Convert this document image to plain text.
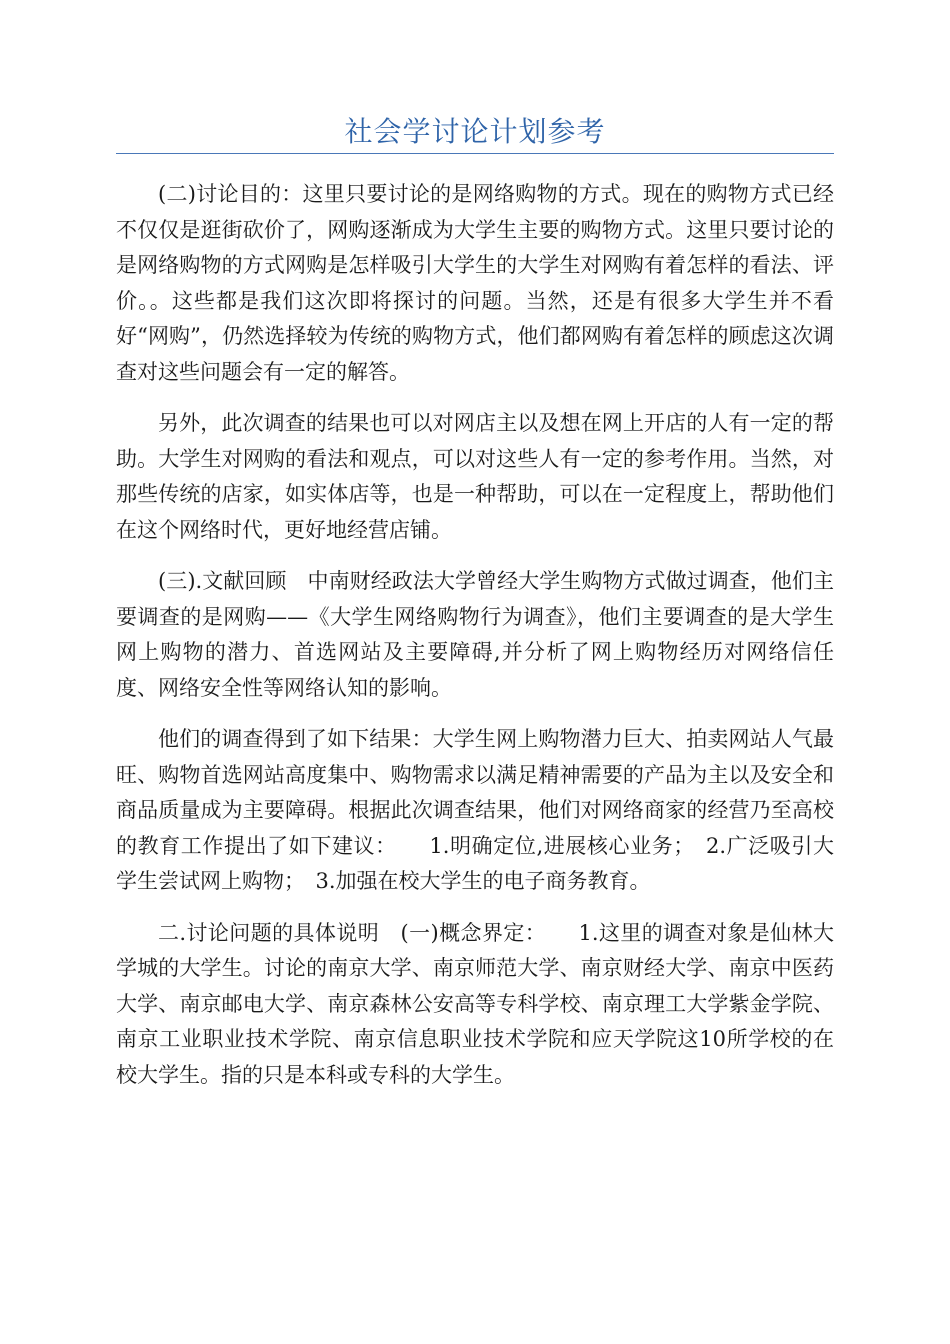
社会学讨论计划参考

(二)讨论目的：这里只要讨论的是网络购物的方式。现在的购物方式已经不仅仅是逛街砍价了，网购逐渐成为大学生主要的购物方式。这里只要讨论的是网络购物的方式网购是怎样吸引大学生的大学生对网购有着怎样的看法、评价。。这些都是我们这次即将探讨的问题。当然，还是有很多大学生并不看好“网购”，仍然选择较为传统的购物方式，他们都网购有着怎样的顾虑这次调查对这些问题会有一定的解答。

另外，此次调查的结果也可以对网店主以及想在网上开店的人有一定的帮助。大学生对网购的看法和观点，可以对这些人有一定的参考作用。当然，对那些传统的店家，如实体店等，也是一种帮助，可以在一定程度上，帮助他们在这个网络时代，更好地经营店铺。

(三).文献回顾　中南财经政法大学曾经大学生购物方式做过调查，他们主要调查的是网购——《大学生网络购物行为调查》，他们主要调查的是大学生网上购物的潜力、首选网站及主要障碍,并分析了网上购物经历对网络信任度、网络安全性等网络认知的影响。

他们的调查得到了如下结果：大学生网上购物潜力巨大、拍卖网站人气最旺、购物首选网站高度集中、购物需求以满足精神需要的产品为主以及安全和商品质量成为主要障碍。根据此次调查结果，他们对网络商家的经营乃至高校的教育工作提出了如下建议：　　1.明确定位,进展核心业务；　2.广泛吸引大学生尝试网上购物；　3.加强在校大学生的电子商务教育。

二.讨论问题的具体说明　(一)概念界定：　　1.这里的调查对象是仙林大学城的大学生。讨论的南京大学、南京师范大学、南京财经大学、南京中医药大学、南京邮电大学、南京森林公安高等专科学校、南京理工大学紫金学院、南京工业职业技术学院、南京信息职业技术学院和应天学院这10所学校的在校大学生。指的只是本科或专科的大学生。
